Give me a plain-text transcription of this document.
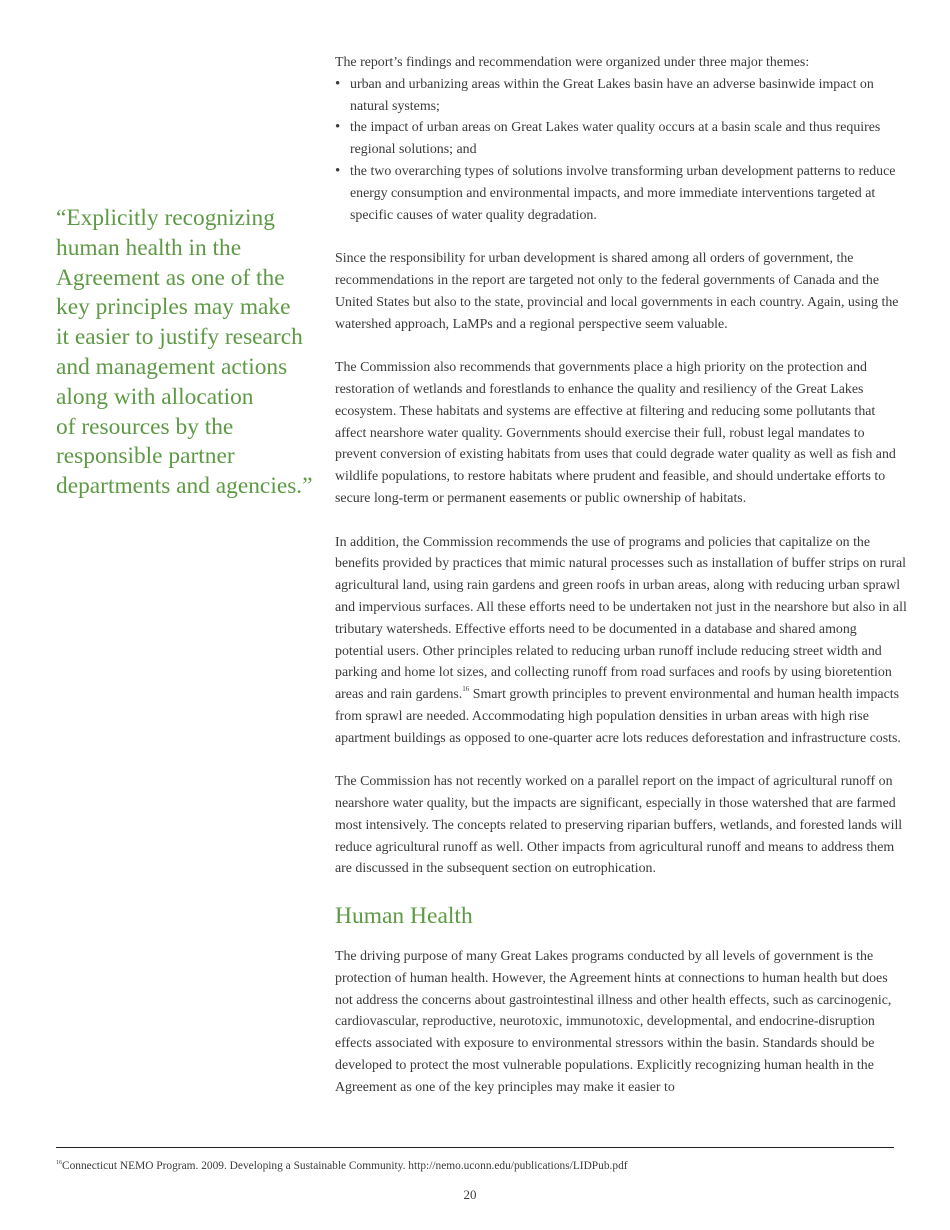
“Explicitly recognizing
human health in the
Agreement as one of the
key principles may make
it easier to justify research
and management actions
along with allocation
of resources by the
responsible partner
departments and agencies.”

The report’s findings and recommendation were organized under three major themes:

• urban and urbanizing areas within the Great Lakes basin have an adverse basinwide impact on natural systems;
• the impact of urban areas on Great Lakes water quality occurs at a basin scale and thus requires regional solutions; and
• the two overarching types of solutions involve transforming urban development patterns to reduce energy consumption and environmental impacts, and more immediate interventions targeted at specific causes of water quality degradation.

Since the responsibility for urban development is shared among all orders of government, the recommendations in the report are targeted not only to the federal governments of Canada and the United States but also to the state, provincial and local governments in each country. Again, using the watershed approach, LaMPs and a regional perspective seem valuable.

The Commission also recommends that governments place a high priority on the protection and restoration of wetlands and forestlands to enhance the quality and resiliency of the Great Lakes ecosystem. These habitats and systems are effective at filtering and reducing some pollutants that affect nearshore water quality. Governments should exercise their full, robust legal mandates to prevent conversion of existing habitats from uses that could degrade water quality as well as fish and wildlife populations, to restore habitats where prudent and feasible, and should undertake efforts to secure long-term or permanent easements or public ownership of habitats.

In addition, the Commission recommends the use of programs and policies that capitalize on the benefits provided by practices that mimic natural processes such as installation of buffer strips on rural agricultural land, using rain gardens and green roofs in urban areas, along with reducing urban sprawl and impervious surfaces. All these efforts need to be undertaken not just in the nearshore but also in all tributary watersheds. Effective efforts need to be documented in a database and shared among potential users. Other principles related to reducing urban runoff include reducing street width and parking and home lot sizes, and collecting runoff from road surfaces and roofs by using bioretention areas and rain gardens.$^{16}$ Smart growth principles to prevent environmental and human health impacts from sprawl are needed. Accommodating high population densities in urban areas with high rise apartment buildings as opposed to one-quarter acre lots reduces deforestation and infrastructure costs.

The Commission has not recently worked on a parallel report on the impact of agricultural runoff on nearshore water quality, but the impacts are significant, especially in those watershed that are farmed most intensively. The concepts related to preserving riparian buffers, wetlands, and forested lands will reduce agricultural runoff as well. Other impacts from agricultural runoff and means to address them are discussed in the subsequent section on eutrophication.

Human Health

The driving purpose of many Great Lakes programs conducted by all levels of government is the protection of human health. However, the Agreement hints at connections to human health but does not address the concerns about gastrointestinal illness and other health effects, such as carcinogenic, cardiovascular, reproductive, neurotoxic, immunotoxic, developmental, and endocrine-disruption effects associated with exposure to environmental stressors within the basin. Standards should be developed to protect the most vulnerable populations. Explicitly recognizing human health in the Agreement as one of the key principles may make it easier to

$^{16}$Connecticut NEMO Program. 2009. Developing a Sustainable Community. http://nemo.uconn.edu/publications/LIDPub.pdf
20
